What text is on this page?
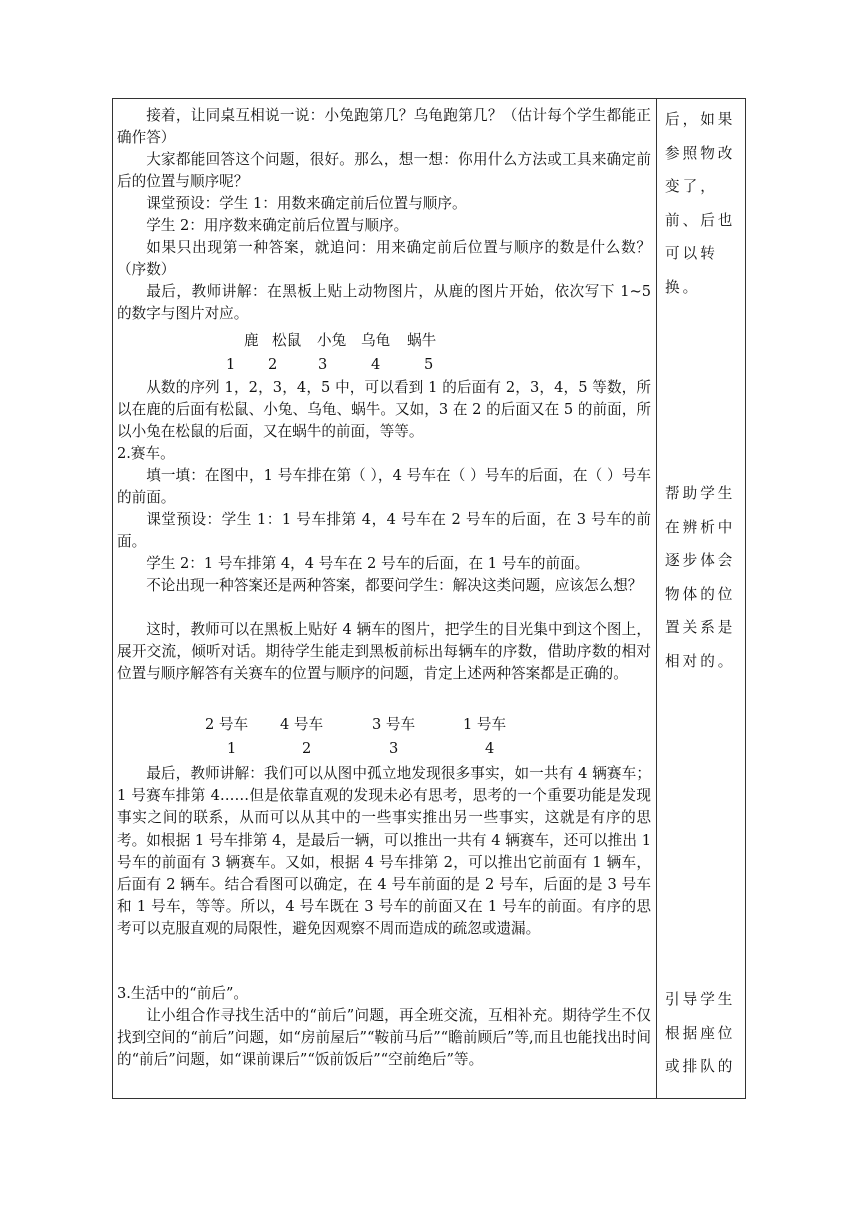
接着，让同桌互相说一说：小兔跑第几？乌龟跑第几？（估计每个学生都能正确作答）

大家都能回答这个问题，很好。那么，想一想：你用什么方法或工具来确定前后的位置与顺序呢？

课堂预设：学生 1：用数来确定前后位置与顺序。

学生 2：用序数来确定前后位置与顺序。

如果只出现第一种答案，就追问：用来确定前后位置与顺序的数是什么数？（序数）

最后，教师讲解：在黑板上贴上动物图片，从鹿的图片开始，依次写下 1~5 的数字与图片对应。

鹿 松鼠 小兔 乌龟 蜗牛
1 2	3	4	5

从数的序列 1，2，3，4，5 中，可以看到 1 的后面有 2，3，4，5 等数，所以在鹿的后面有松鼠、小兔、乌龟、蜗牛。又如，3 在 2 的后面又在 5 的前面，所以小兔在松鼠的后面，又在蜗牛的前面，等等。

2.赛车。

填一填：在图中，1 号车排在第（ ），4 号车在（ ）号车的后面，在（ ）号车的前面。

课堂预设：学生 1：1 号车排第 4，4 号车在 2 号车的后面，在 3 号车的前面。

学生 2：1 号车排第 4，4 号车在 2 号车的后面，在 1 号车的前面。

不论出现一种答案还是两种答案，都要问学生：解决这类问题，应该怎么想？

这时，教师可以在黑板上贴好 4 辆车的图片，把学生的目光集中到这个图上，展开交流，倾听对话。期待学生能走到黑板前标出每辆车的序数，借助序数的相对位置与顺序解答有关赛车的位置与顺序的问题，肯定上述两种答案都是正确的。

2 号车 4 号车	3 号车	1 号车
1	2	3	4

最后，教师讲解：我们可以从图中孤立地发现很多事实，如一共有 4 辆赛车；1 号赛车排第 4……但是依靠直观的发现未必有思考，思考的一个重要功能是发现事实之间的联系，从而可以从其中的一些事实推出另一些事实，这就是有序的思考。如根据 1 号车排第 4，是最后一辆，可以推出一共有 4 辆赛车，还可以推出 1 号车的前面有 3 辆赛车。又如，根据 4 号车排第 2，可以推出它前面有 1 辆车，后面有 2 辆车。结合看图可以确定，在 4 号车前面的是 2 号车，后面的是 3 号车和 1 号车，等等。所以，4 号车既在 3 号车的前面又在 1 号车的前面。有序的思考可以克服直观的局限性，避免因观察不周而造成的疏忽或遗漏。

3.生活中的“前后”。

让小组合作寻找生活中的“前后”问题，再全班交流，互相补充。期待学生不仅找到空间的“前后”问题，如“房前屋后”“鞍前马后”“瞻前顾后”等,而且也能找出时间的“前后”问题，如“课前课后”“饭前饭后”“空前绝后”等。

后，如果参照物改变了，前、后也可以转换。

帮助学生在辨析中逐步体会物体的位置关系是相对的。

引导学生根据座位或排队的
